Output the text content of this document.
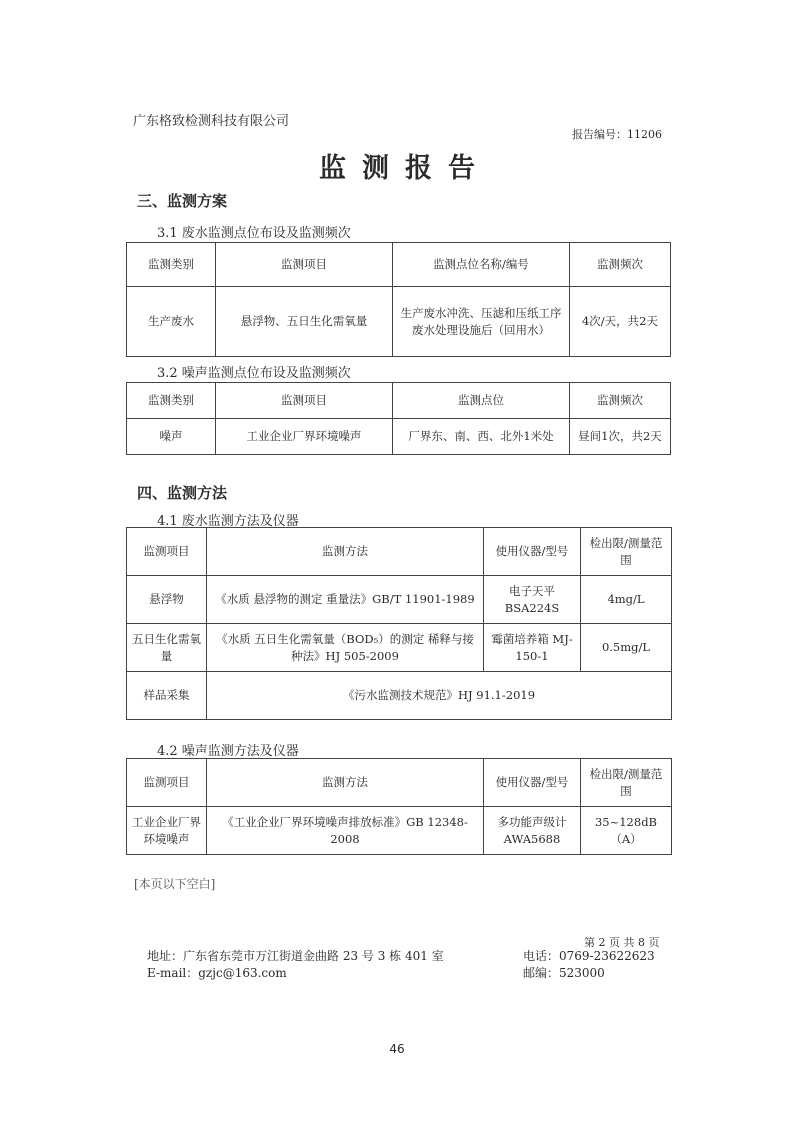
广东格致检测科技有限公司
报告编号：11206
监测报告
三、监测方案
3.1 废水监测点位布设及监测频次
监测类别	监测项目	监测点位名称/编号	监测频次
生产废水	悬浮物、五日生化需氧量	生产废水冲洗、压滤和压纸工序废水处理设施后（回用水）	4次/天，共2天
3.2 噪声监测点位布设及监测频次
监测类别	监测项目	监测点位	监测频次
噪声	工业企业厂界环境噪声	厂界东、南、西、北外1米处	昼间1次，共2天
四、监测方法
4.1 废水监测方法及仪器
监测项目	监测方法	使用仪器/型号	检出限/测量范围
悬浮物	《水质 悬浮物的测定 重量法》GB/T 11901-1989	电子天平 BSA224S	4mg/L
五日生化需氧量	《水质 五日生化需氧量（BOD₅）的测定 稀释与接种法》HJ 505-2009	霉菌培养箱 MJ-150-1	0.5mg/L
样品采集	《污水监测技术规范》HJ 91.1-2019		
4.2 噪声监测方法及仪器
监测项目	监测方法	使用仪器/型号	检出限/测量范围
工业企业厂界环境噪声	《工业企业厂界环境噪声排放标准》GB 12348-2008	多功能声级计 AWA5688	35~128dB（A）
[本页以下空白]
第 2 页 共 8 页
地址：广东省东莞市万江街道金曲路 23 号 3 栋 401 室
E-mail：gzjc@163.com
电话：0769-23622623
邮编：523000
46
